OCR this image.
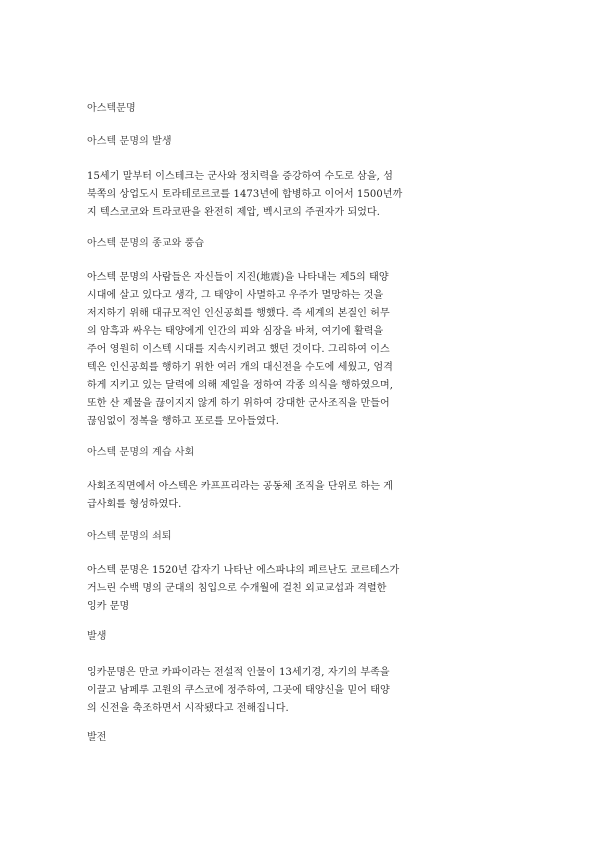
아스텍문명

아스텍 문명의 발생

15세기 말부터 이스테크는 군사와 정치력을 증강하여 수도로 삼을, 섬
북쪽의 상업도시 토라테로르코를 1473년에 합병하고 이어서 1500년까
지 텍스코코와 트라코판을 완전히 제압, 벡시코의 주권자가 되었다.

아스텍 문명의 종교와 풍습

아스텍 문명의 사람들은 자신들이 지진(地震)을 나타내는 제5의 태양
시대에 살고 있다고 생각, 그 태양이 사멸하고 우주가 멸망하는 것을
저지하기 위해 대규모적인 인신공희를 행했다. 즉 세계의 본질인 허무
의 암흑과 싸우는 태양에게 인간의 피와 심장을 바쳐, 여기에 활력을
주어 영원히 이스텍 시대를 지속시키려고 했던 것이다. 그리하여 이스
텍은 인신공희를 행하기 위한 여러 개의 대신전을 수도에 세웠고, 엄격
하게 지키고 있는 달력에 의해 제일을 정하여 각종 의식을 행하였으며,
또한 산 제물을 끊이지지 않게 하기 위하여 강대한 군사조직을 만들어
끊임없이 정복을 행하고 포로를 모아들였다.

아스텍 문명의 계습 사회

사회조직면에서 아스텍은 카프프리라는 공동체 조직을 단위로 하는 게
급사회를 형성하였다.

아스텍 문명의 쇠퇴

아스텍 문명은 1520년 갑자기 나타난 에스파냐의 페르난도 코르테스가
거느린 수백 명의 군대의 침입으로 수개월에 걸친 외교교섭과 격렬한
잉카 문명

발생

잉카문명은 만코 카파이라는 전설적 인물이 13세기경, 자기의 부족을
이끌고 남페루 고원의 쿠스코에 정주하여, 그곳에 태양신을 믿어 태양
의 신전을 축조하면서 시작됐다고 전해집니다.

발전
